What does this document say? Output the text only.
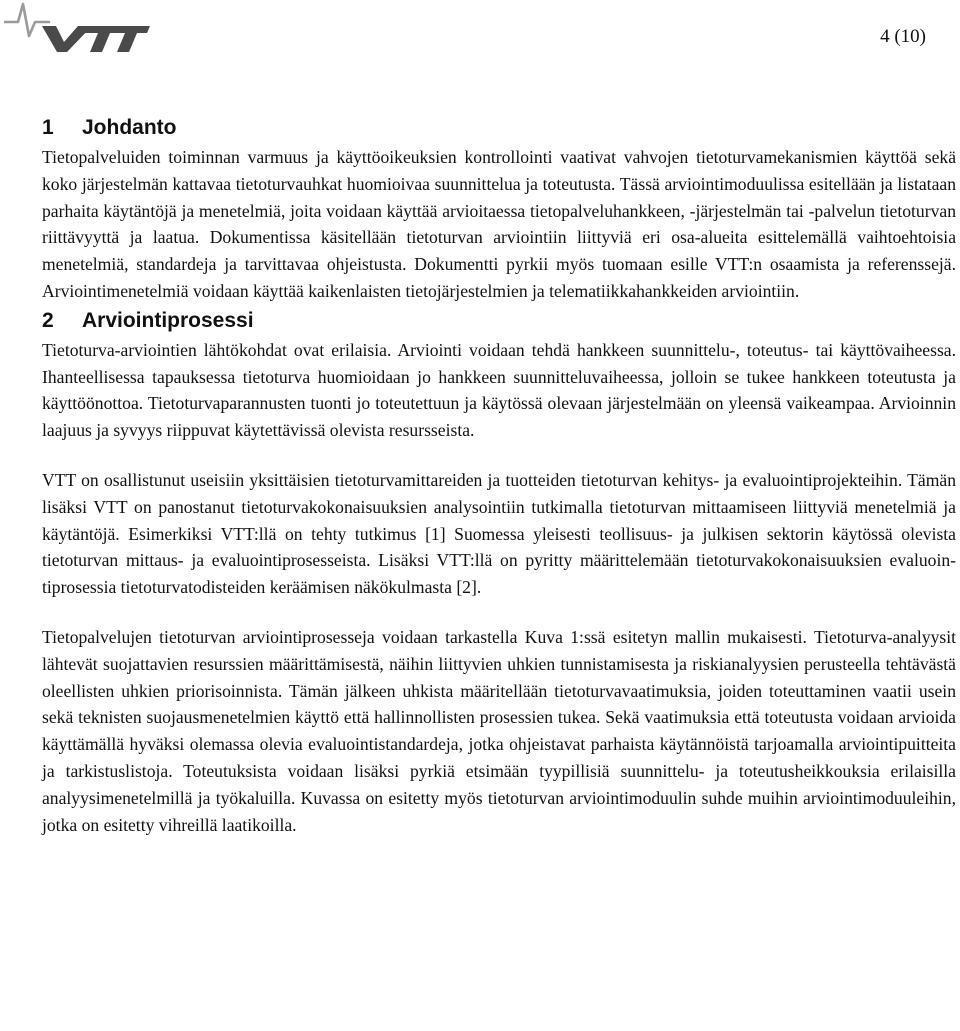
4 (10)
1 Johdanto

Tietopalveluiden toiminnan varmuus ja käyttöoikeuksien kontrollointi vaativat vahvojen tietoturvamekanismien käyttöä sekä koko järjestelmän kattavaa tietoturvauhkat huomioivaa suunnittelua ja toteutusta. Tässä arviointimoduulissa esitellään ja listataan parhaita käytäntöjä ja menetelmiä, joita voidaan käyttää arvioitaessa tietopalveluhankkeen, -järjestelmän tai -palvelun tietoturvan riittävyyttä ja laatua. Dokumentissa käsitellään tietoturvan arviointiin liittyviä eri osa-alueita esittelemällä vaihtoehtoisia menetelmiä, standardeja ja tarvittavaa ohjeistusta. Dokumentti pyrkii myös tuomaan esille VTT:n osaamista ja referenssejä. Arviointimenetelmiä voidaan käyttää kaikenlaisten tietojärjestelmien ja telematiikkahankkeiden arviointiin.

2 Arviointiprosessi

Tietoturva-arviointien lähtökohdat ovat erilaisia. Arviointi voidaan tehdä hankkeen suunnittelu-, toteutus- tai käyttövaiheessa. Ihanteellisessa tapauksessa tietoturva huomioidaan jo hankkeen suunnitteluvaiheessa, jolloin se tukee hankkeen toteutusta ja käyttöönottoa. Tietoturvaparannusten tuonti jo toteutettuun ja käytössä olevaan järjestelmään on yleensä vaikeampaa. Arvioinnin laajuus ja syvyys riippuvat käytettävissä olevista resursseista.

VTT on osallistunut useisiin yksittäisien tietoturvamittareiden ja tuotteiden tietoturvan kehitys- ja evaluointiprojekteihin. Tämän lisäksi VTT on panostanut tietoturvakokonaisuuksien analysointiin tutkimalla tietoturvan mittaamiseen liittyviä menetelmiä ja käytäntöjä. Esimerkiksi VTT:llä on tehty tutkimus [1] Suomessa yleisesti teollisuus- ja julkisen sektorin käytössä olevista tietoturvan mittaus- ja evaluointiprosesseista. Lisäksi VTT:llä on pyritty määrittelemään tietoturvakokonaisuuksien evaluointiprosessia tietoturvatodisteiden keräämisen näkökulmasta [2].

Tietopalvelujen tietoturvan arviointiprosesseja voidaan tarkastella Kuva 1:ssä esitetyn mallin mukaisesti. Tietoturva-analyysit lähtevät suojattavien resurssien määrittämisestä, näihin liittyvien uhkien tunnistamisesta ja riskianalyysien perusteella tehtävästä oleellisten uhkien priorisoinnista. Tämän jälkeen uhkista määritellään tietoturvavaatimuksia, joiden toteuttaminen vaatii usein sekä teknisten suojausmenetelmien käyttö että hallinnollisten prosessien tukea. Sekä vaatimuksia että toteutusta voidaan arvioida käyttämällä hyväksi olemassa olevia evaluointistandardeja, jotka ohjeistavat parhaista käytännöistä tarjoamalla arviointipuitteita ja tarkistuslistoja. Toteutuksista voidaan lisäksi pyrkiä etsimään tyypillisiä suunnittelu- ja toteutusheikkouksia erilaisilla analyysimenetelmillä ja työkaluilla. Kuvassa on esitetty myös tietoturvan arviointimoduulin suhde muihin arviointimoduuleihin, jotka on esitetty vihreillä laatikoilla.
